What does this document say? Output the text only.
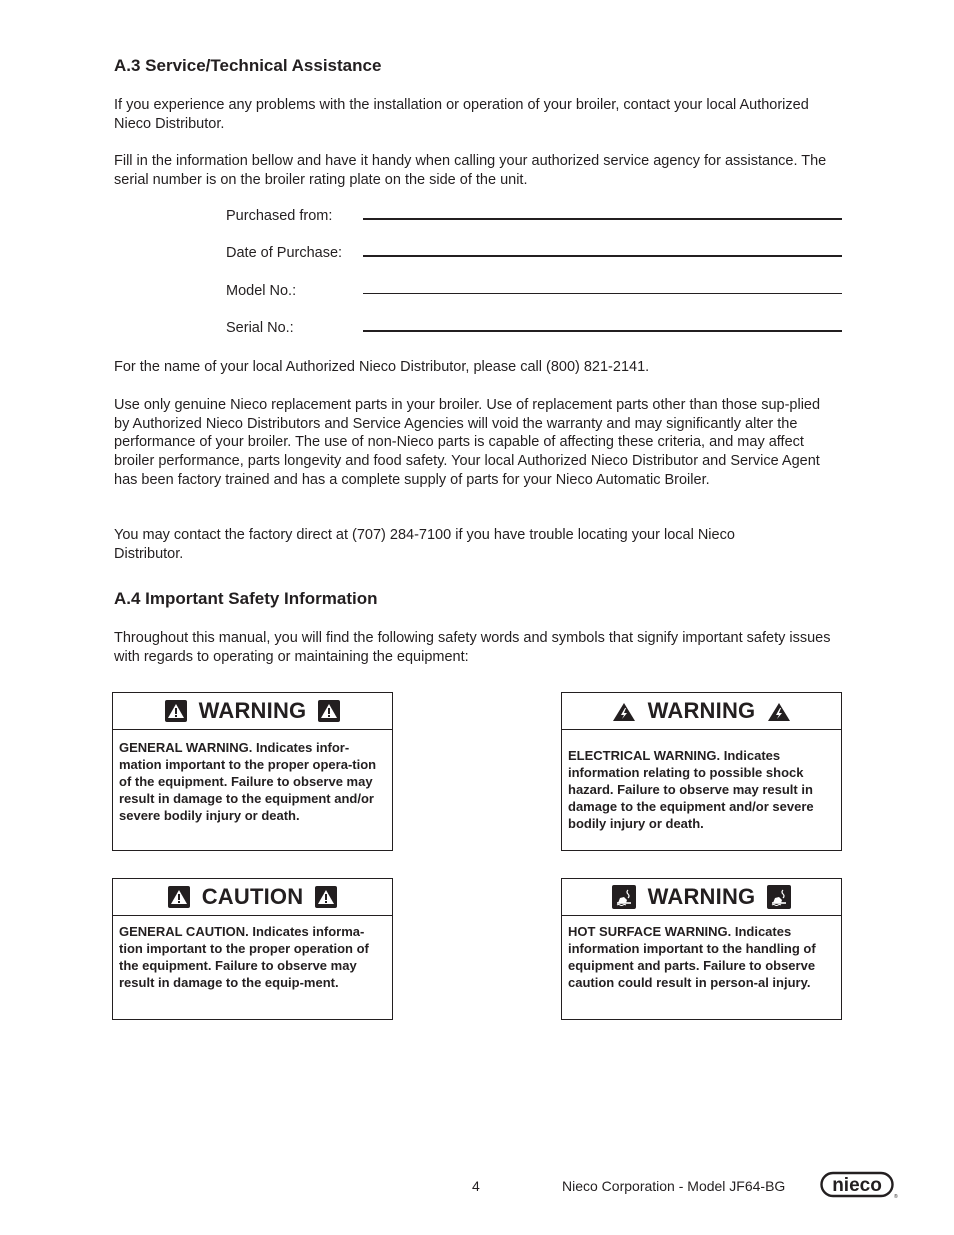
A.3 Service/Technical Assistance

If you experience any problems with the installation or operation of your broiler, contact your local Authorized Nieco Distributor.

Fill in the information bellow and have it handy when calling your authorized service agency for assistance. The serial number is on the broiler rating plate on the side of the unit.

Purchased from:
Date of Purchase:
Model No.:
Serial No.:

For the name of your local Authorized Nieco Distributor, please call (800) 821-2141.

Use only genuine Nieco replacement parts in your broiler. Use of replacement parts other than those sup-plied by Authorized Nieco Distributors and Service Agencies will void the warranty and may significantly alter the performance of your broiler. The use of non-Nieco parts is capable of affecting these criteria, and may affect broiler performance, parts longevity and food safety. Your local Authorized Nieco Distributor and Service Agent has been factory trained and has a complete supply of parts for your Nieco Automatic Broiler.

You may contact the factory direct at (707) 284-7100 if you have trouble locating your local Nieco Distributor.

A.4 Important Safety Information

Throughout this manual, you will find the following safety words and symbols that signify important safety issues with regards to operating or maintaining the equipment:

WARNING
GENERAL WARNING. Indicates infor-mation important to the proper opera-tion of the equipment. Failure to observe may result in damage to the equipment and/or severe bodily injury or death.
WARNING
ELECTRICAL WARNING. Indicates information relating to possible shock hazard. Failure to observe may result in damage to the equipment and/or severe bodily injury or death.
CAUTION
GENERAL CAUTION. Indicates informa-tion important to the proper operation of the equipment. Failure to observe may result in damage to the equip-ment.
WARNING
HOT SURFACE WARNING. Indicates information important to the handling of equipment and parts. Failure to observe caution could result in person-al injury.
4	Nieco Corporation - Model JF64-BG nieco
®
